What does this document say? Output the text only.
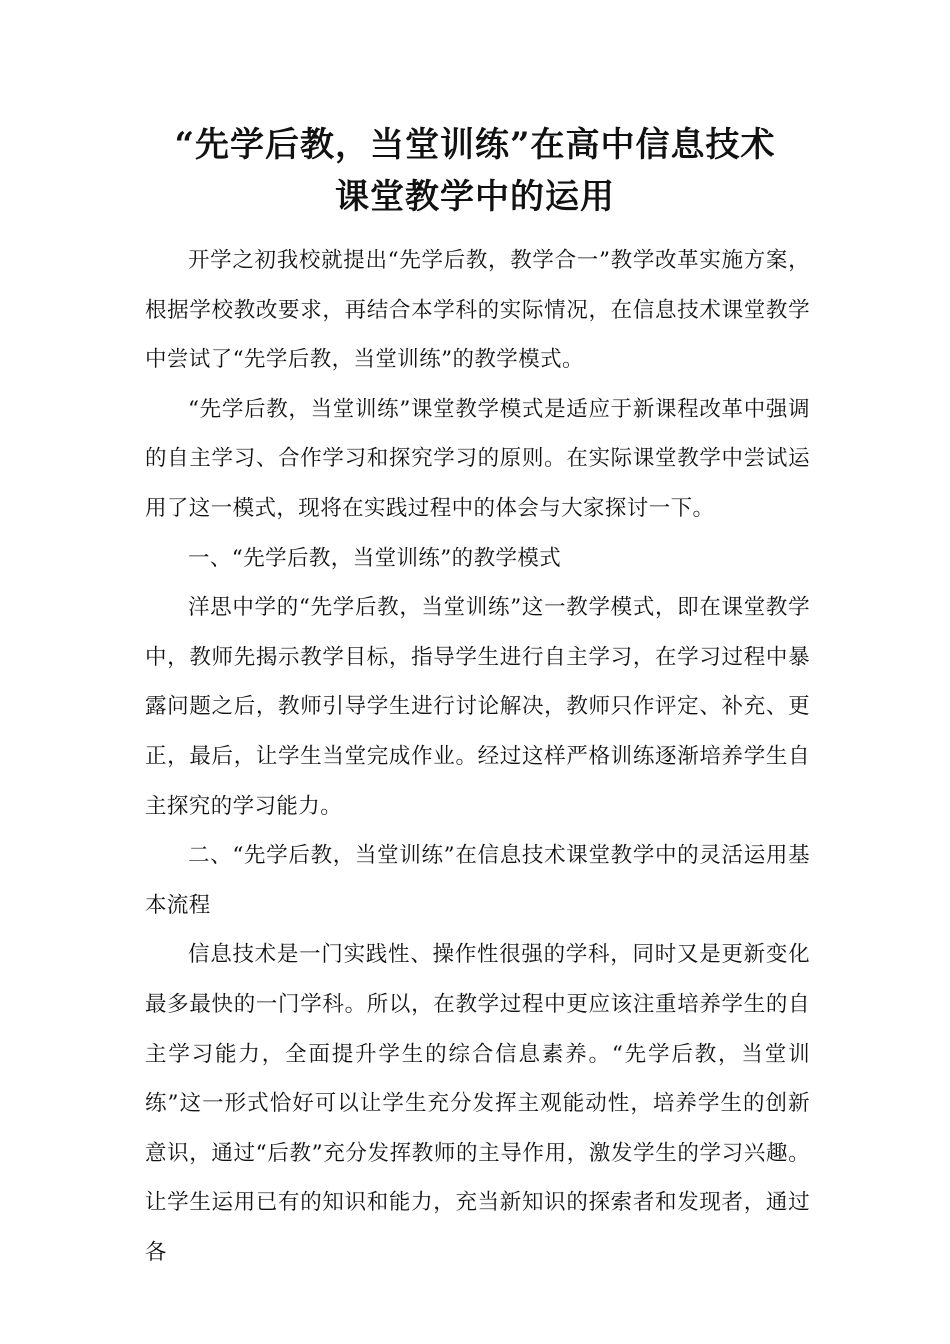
“先学后教，当堂训练”在高中信息技术
课堂教学中的运用

开学之初我校就提出“先学后教，教学合一”教学改革实施方案，根据学校教改要求，再结合本学科的实际情况，在信息技术课堂教学中尝试了“先学后教，当堂训练”的教学模式。

“先学后教，当堂训练”课堂教学模式是适应于新课程改革中强调的自主学习、合作学习和探究学习的原则。在实际课堂教学中尝试运用了这一模式，现将在实践过程中的体会与大家探讨一下。

一、“先学后教，当堂训练”的教学模式

洋思中学的“先学后教，当堂训练”这一教学模式，即在课堂教学中，教师先揭示教学目标，指导学生进行自主学习，在学习过程中暴露问题之后，教师引导学生进行讨论解决，教师只作评定、补充、更正，最后，让学生当堂完成作业。经过这样严格训练逐渐培养学生自主探究的学习能力。

二、“先学后教，当堂训练”在信息技术课堂教学中的灵活运用基本流程

信息技术是一门实践性、操作性很强的学科，同时又是更新变化最多最快的一门学科。所以，在教学过程中更应该注重培养学生的自主学习能力，全面提升学生的综合信息素养。“先学后教，当堂训练”这一形式恰好可以让学生充分发挥主观能动性，培养学生的创新意识，通过“后教”充分发挥教师的主导作用，激发学生的学习兴趣。让学生运用已有的知识和能力，充当新知识的探索者和发现者，通过各
